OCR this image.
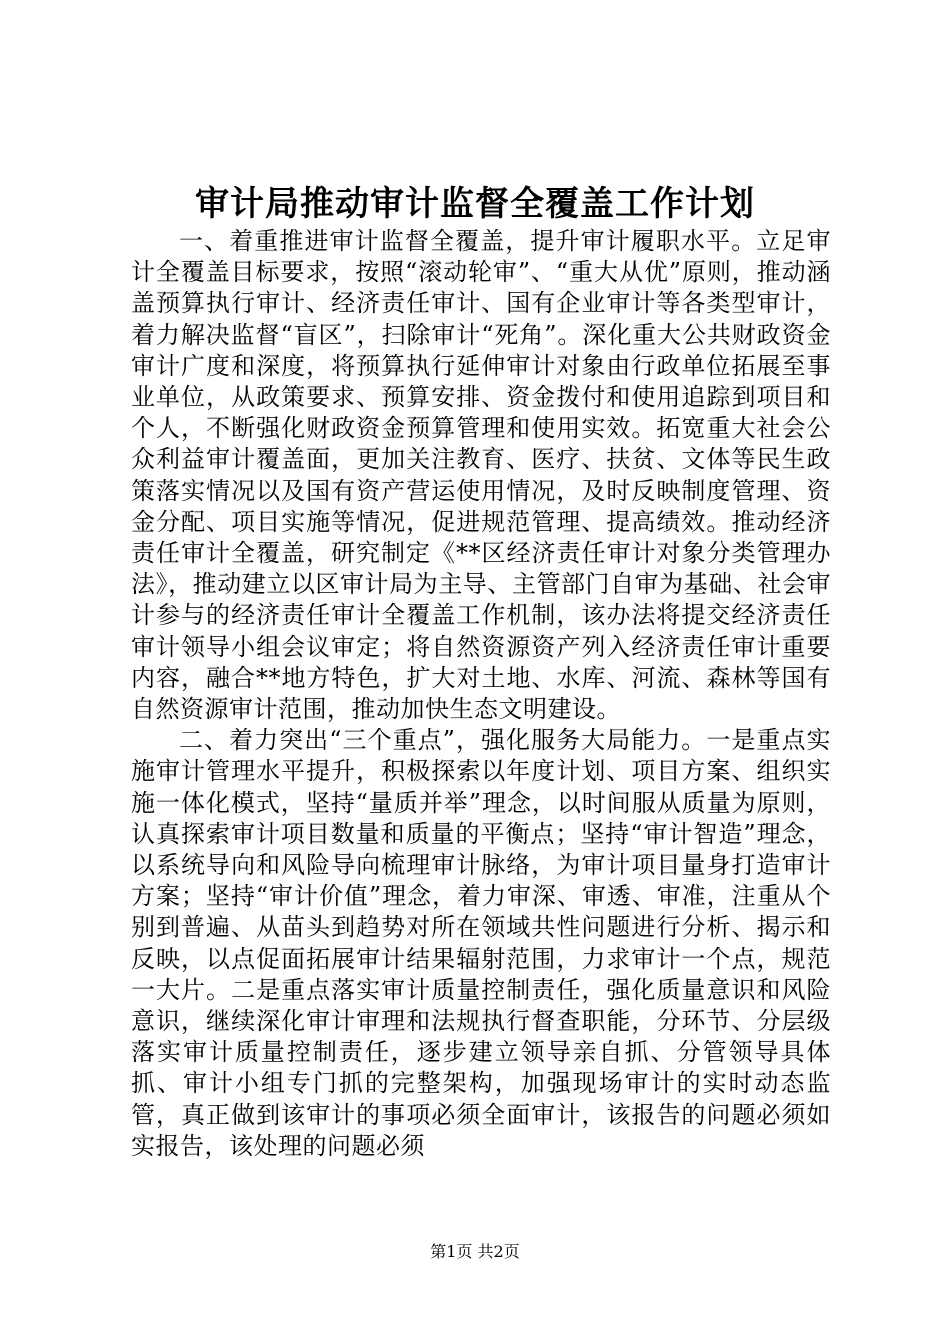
审计局推动审计监督全覆盖工作计划

一、着重推进审计监督全覆盖，提升审计履职水平。立足审计全覆盖目标要求，按照“滚动轮审”、“重大从优”原则，推动涵盖预算执行审计、经济责任审计、国有企业审计等各类型审计，着力解决监督“盲区”，扫除审计“死角”。深化重大公共财政资金审计广度和深度，将预算执行延伸审计对象由行政单位拓展至事业单位，从政策要求、预算安排、资金拨付和使用追踪到项目和个人，不断强化财政资金预算管理和使用实效。拓宽重大社会公众利益审计覆盖面，更加关注教育、医疗、扶贫、文体等民生政策落实情况以及国有资产营运使用情况，及时反映制度管理、资金分配、项目实施等情况，促进规范管理、提高绩效。推动经济责任审计全覆盖，研究制定《**区经济责任审计对象分类管理办法》，推动建立以区审计局为主导、主管部门自审为基础、社会审计参与的经济责任审计全覆盖工作机制，该办法将提交经济责任审计领导小组会议审定；将自然资源资产列入经济责任审计重要内容，融合**地方特色，扩大对土地、水库、河流、森林等国有自然资源审计范围，推动加快生态文明建设。

二、着力突出“三个重点”，强化服务大局能力。一是重点实施审计管理水平提升，积极探索以年度计划、项目方案、组织实施一体化模式，坚持“量质并举”理念，以时间服从质量为原则，认真探索审计项目数量和质量的平衡点；坚持“审计智造”理念，以系统导向和风险导向梳理审计脉络，为审计项目量身打造审计方案；坚持“审计价值”理念，着力审深、审透、审准，注重从个别到普遍、从苗头到趋势对所在领域共性问题进行分析、揭示和反映，以点促面拓展审计结果辐射范围，力求审计一个点，规范一大片。二是重点落实审计质量控制责任，强化质量意识和风险意识，继续深化审计审理和法规执行督查职能，分环节、分层级落实审计质量控制责任，逐步建立领导亲自抓、分管领导具体抓、审计小组专门抓的完整架构，加强现场审计的实时动态监管，真正做到该审计的事项必须全面审计，该报告的问题必须如实报告，该处理的问题必须

第1页 共2页
